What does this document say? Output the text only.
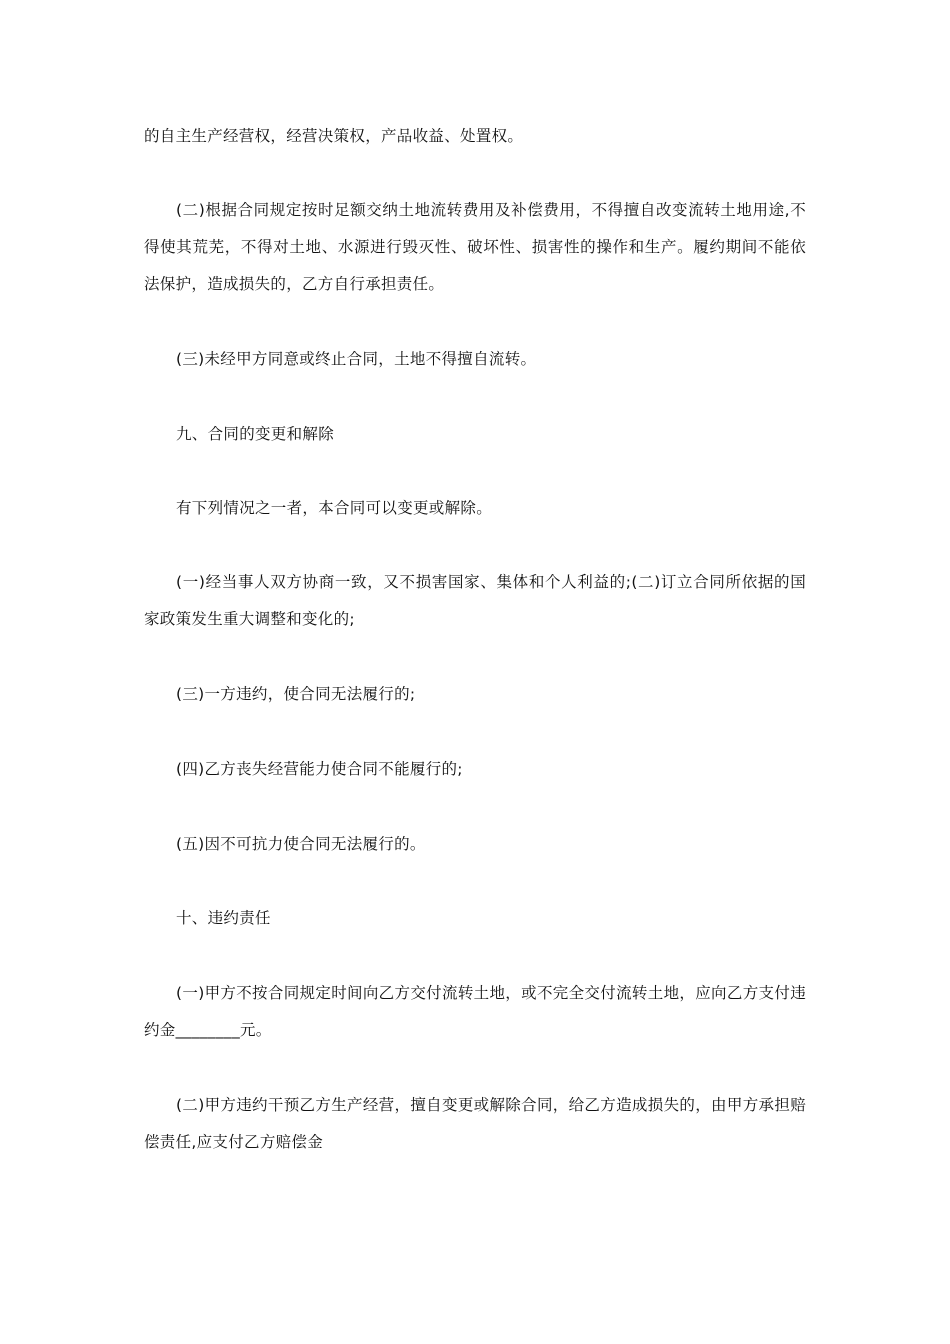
的自主生产经营权，经营决策权，产品收益、处置权。

(二)根据合同规定按时足额交纳土地流转费用及补偿费用，不得擅自改变流转土地用途,不得使其荒芜，不得对土地、水源进行毁灭性、破坏性、损害性的操作和生产。履约期间不能依法保护，造成损失的，乙方自行承担责任。

(三)未经甲方同意或终止合同，土地不得擅自流转。

九、合同的变更和解除

有下列情况之一者，本合同可以变更或解除。

(一)经当事人双方协商一致，又不损害国家、集体和个人利益的;(二)订立合同所依据的国家政策发生重大调整和变化的;

(三)一方违约，使合同无法履行的;

(四)乙方丧失经营能力使合同不能履行的;

(五)因不可抗力使合同无法履行的。

十、违约责任

(一)甲方不按合同规定时间向乙方交付流转土地，或不完全交付流转土地，应向乙方支付违约金________元。

(二)甲方违约干预乙方生产经营，擅自变更或解除合同，给乙方造成损失的，由甲方承担赔偿责任,应支付乙方赔偿金
